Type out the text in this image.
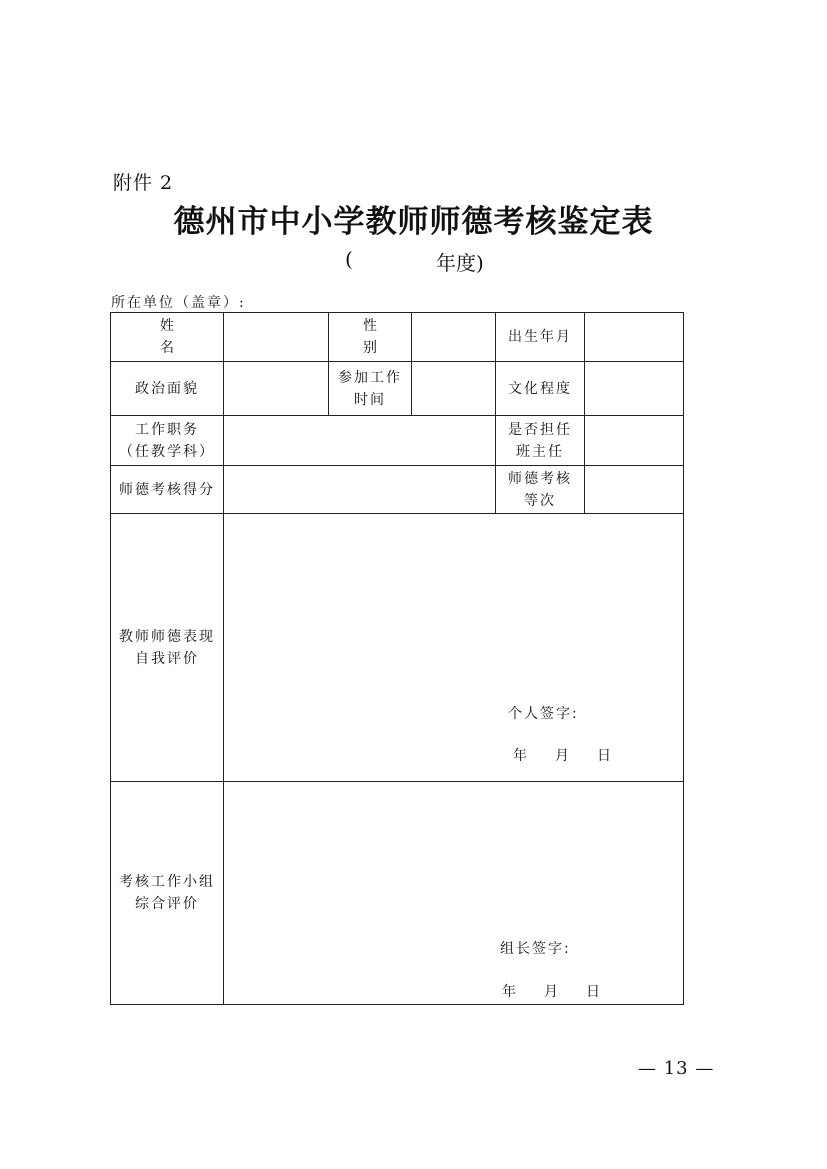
附件 2
德州市中小学教师师德考核鉴定表
(	年度)
所在单位（盖章）:
姓 名
性 别
出生年月
政治面貌
参加工作
时间
文化程度
工作职务
（任教学科）
是否担任
班主任
师德考核得分
师德考核
等次
教师师德表现
自我评价
个人签字:
年 月 日
考核工作小组
综合评价
组长签字:
年 月 日
— 13 —
